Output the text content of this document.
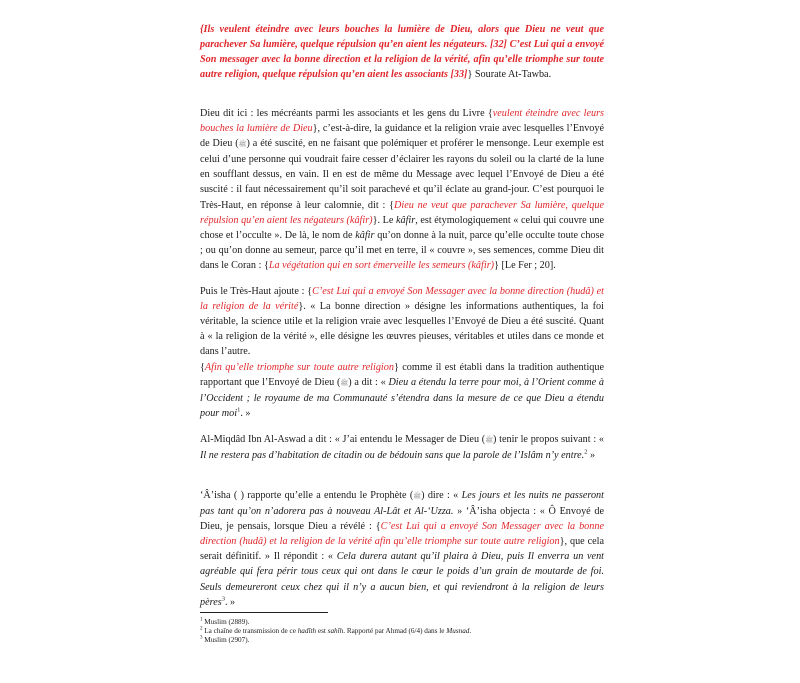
{Ils veulent éteindre avec leurs bouches la lumière de Dieu, alors que Dieu ne veut que parachever Sa lumière, quelque répulsion qu’en aient les négateurs. [32] C’est Lui qui a envoyé Son messager avec la bonne direction et la religion de la vérité, afin qu’elle triomphe sur toute autre religion, quelque répulsion qu’en aient les associants [33]} Sourate At-Tawba.

Dieu dit ici : les mécréants parmi les associants et les gens du Livre {veulent éteindre avec leurs bouches la lumière de Dieu}, c’est-à-dire, la guidance et la religion vraie avec lesquelles l’Envoyé de Dieu (ﷺ) a été suscité, en ne faisant que polémiquer et proférer le mensonge. Leur exemple est celui d’une personne qui voudrait faire cesser d’éclairer les rayons du soleil ou la clarté de la lune en soufflant dessus, en vain. Il en est de même du Message avec lequel l’Envoyé de Dieu a été suscité : il faut nécessairement qu’il soit parachevé et qu’il éclate au grand-jour. C’est pourquoi le Très-Haut, en réponse à leur calomnie, dit : {Dieu ne veut que parachever Sa lumière, quelque répulsion qu’en aient les négateurs (kâfir)}. Le kâfir, est étymologiquement « celui qui couvre une chose et l’occulte ». De là, le nom de kâfir qu’on donne à la nuit, parce qu’elle occulte toute chose ; ou qu’on donne au semeur, parce qu’il met en terre, il « couvre », ses semences, comme Dieu dit dans le Coran : {La végétation qui en sort émerveille les semeurs (kâfir)} [Le Fer ; 20].

Puis le Très-Haut ajoute : {C’est Lui qui a envoyé Son Messager avec la bonne direction (hudâ) et la religion de la vérité}. « La bonne direction » désigne les informations authentiques, la foi véritable, la science utile et la religion vraie avec lesquelles l’Envoyé de Dieu a été suscité. Quant à « la religion de la vérité », elle désigne les œuvres pieuses, véritables et utiles dans ce monde et dans l’autre.

{Afin qu’elle triomphe sur toute autre religion} comme il est établi dans la tradition authentique rapportant que l’Envoyé de Dieu (ﷺ) a dit : « Dieu a étendu la terre pour moi, à l’Orient comme à l’Occident ; le royaume de ma Communauté s’étendra dans la mesure de ce que Dieu a étendu pour moi$^1$. »

Al-Miqdâd Ibn Al-Aswad a dit : « J’ai entendu le Messager de Dieu (ﷺ) tenir le propos suivant : « Il ne restera pas d’habitation de citadin ou de bédouin sans que la parole de l’Islâm n’y entre.$^2$ »

‘Â’isha ( ) rapporte qu’elle a entendu le Prophète (ﷺ) dire : « Les jours et les nuits ne passeront pas tant qu’on n’adorera pas à nouveau Al-Lât et Al-‘Uzza. » ‘Â’isha objecta : « Ô Envoyé de Dieu, je pensais, lorsque Dieu a révélé : {C’est Lui qui a envoyé Son Messager avec la bonne direction (hudâ) et la religion de la vérité afin qu’elle triomphe sur toute autre religion}, que cela serait définitif. » Il répondit : « Cela durera autant qu’il plaira à Dieu, puis Il enverra un vent agréable qui fera périr tous ceux qui ont dans le cœur le poids d’un grain de moutarde de foi. Seuls demeureront ceux chez qui il n’y a aucun bien, et qui reviendront à la religion de leurs pères$^3$. »

$^1$ Muslim (2889).
$^2$ La chaîne de transmission de ce hadîth est sahîh. Rapporté par Ahmad (6/4) dans le Musnad.
$^3$ Muslim (2907).
